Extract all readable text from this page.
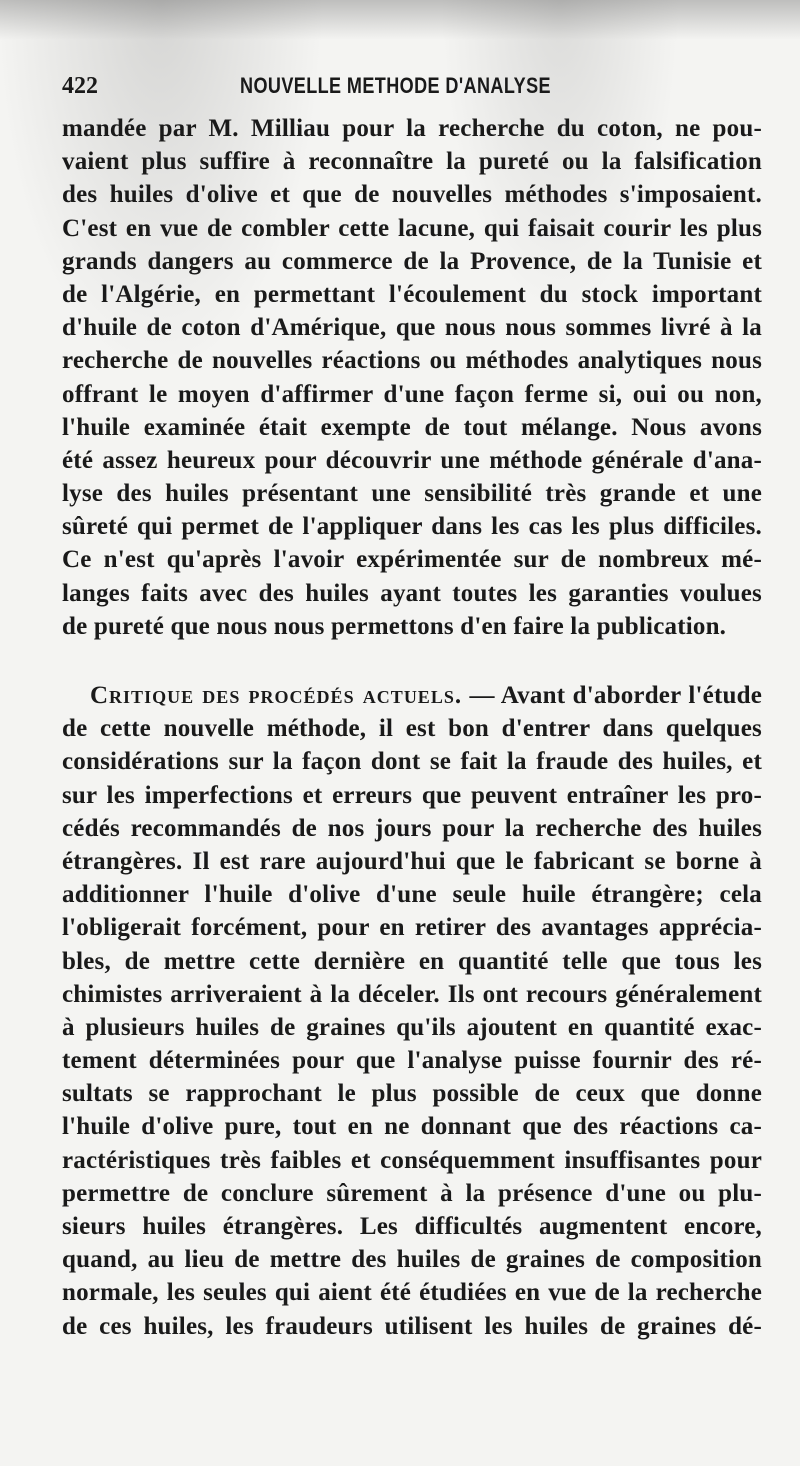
422	NOUVELLE METHODE D'ANALYSE
mandée par M. Milliau pour la recherche du coton, ne pou-
vaient plus suffire à reconnaître la pureté ou la falsification
des huiles d'olive et que de nouvelles méthodes s'imposaient.
C'est en vue de combler cette lacune, qui faisait courir les plus
grands dangers au commerce de la Provence, de la Tunisie et
de l'Algérie, en permettant l'écoulement du stock important
d'huile de coton d'Amérique, que nous nous sommes livré à la
recherche de nouvelles réactions ou méthodes analytiques nous
offrant le moyen d'affirmer d'une façon ferme si, oui ou non,
l'huile examinée était exempte de tout mélange. Nous avons
été assez heureux pour découvrir une méthode générale d'ana-
lyse des huiles présentant une sensibilité très grande et une
sûreté qui permet de l'appliquer dans les cas les plus difficiles.
Ce n'est qu'après l'avoir expérimentée sur de nombreux mé-
langes faits avec des huiles ayant toutes les garanties voulues
de pureté que nous nous permettons d'en faire la publication.
Critique des procédés actuels. — Avant d'aborder l'étude
de cette nouvelle méthode, il est bon d'entrer dans quelques
considérations sur la façon dont se fait la fraude des huiles, et
sur les imperfections et erreurs que peuvent entraîner les pro-
cédés recommandés de nos jours pour la recherche des huiles
étrangères. Il est rare aujourd'hui que le fabricant se borne à
additionner l'huile d'olive d'une seule huile étrangère; cela
l'obligerait forcément, pour en retirer des avantages apprécia-
bles, de mettre cette dernière en quantité telle que tous les
chimistes arriveraient à la déceler. Ils ont recours généralement
à plusieurs huiles de graines qu'ils ajoutent en quantité exac-
tement déterminées pour que l'analyse puisse fournir des ré-
sultats se rapprochant le plus possible de ceux que donne
l'huile d'olive pure, tout en ne donnant que des réactions ca-
ractéristiques très faibles et conséquemment insuffisantes pour
permettre de conclure sûrement à la présence d'une ou plu-
sieurs huiles étrangères. Les difficultés augmentent encore,
quand, au lieu de mettre des huiles de graines de composition
normale, les seules qui aient été étudiées en vue de la recherche
de ces huiles, les fraudeurs utilisent les huiles de graines dé-
